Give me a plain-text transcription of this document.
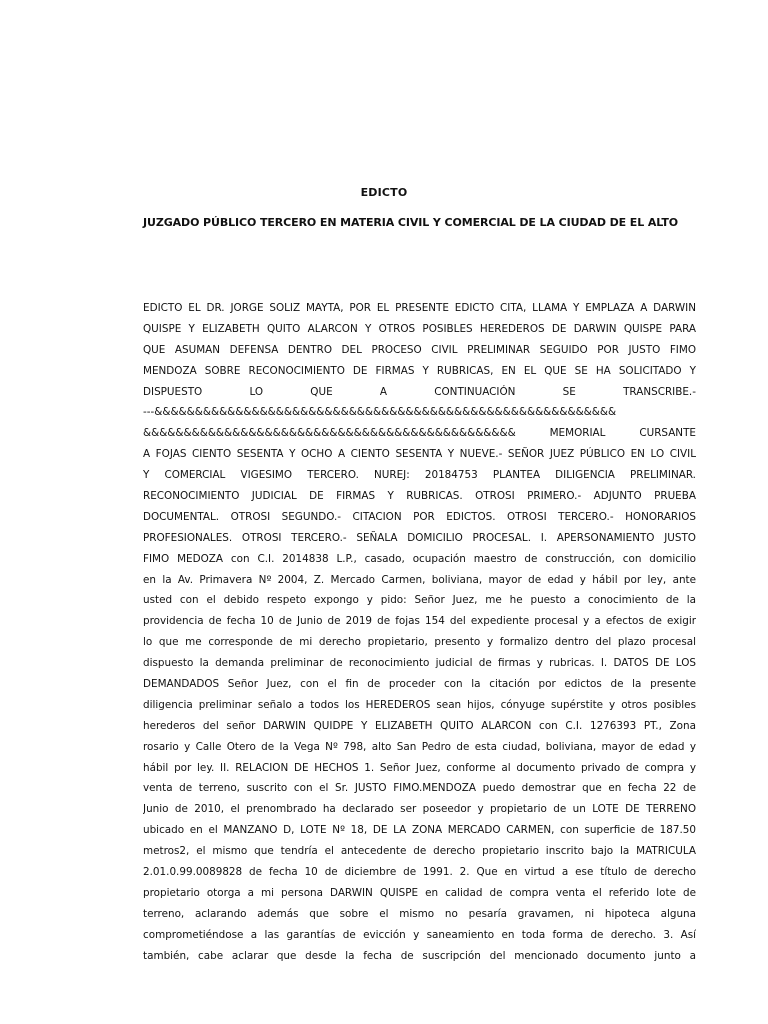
EDICTO
JUZGADO PÚBLICO TERCERO EN MATERIA CIVIL Y COMERCIAL DE LA CIUDAD DE EL ALTO
EDICTO EL DR. JORGE SOLIZ MAYTA, POR EL PRESENTE EDICTO CITA, LLAMA Y EMPLAZA A DARWIN
QUISPE Y ELIZABETH QUITO ALARCON Y OTROS POSIBLES HEREDEROS DE DARWIN QUISPE PARA
QUE ASUMAN DEFENSA DENTRO DEL PROCESO CIVIL PRELIMINAR SEGUIDO POR JUSTO FIMO
MENDOZA SOBRE RECONOCIMIENTO DE FIRMAS Y RUBRICAS, EN EL QUE SE HA SOLICITADO Y
DISPUESTO LO QUE A CONTINUACIÓN SE TRANSCRIBE.-
---&&&&&&&&&&&&&&&&&&&&&&&&&&&&&&&&&&&&&&&&&&&&&&&&&&&&&&&&&
&&&&&&&&&&&&&&&&&&&&&&&&&&&&&&&&&&&&&&&&&&&&&& MEMORIAL CURSANTE
A FOJAS CIENTO SESENTA Y OCHO A CIENTO SESENTA Y NUEVE.- SEÑOR JUEZ PÚBLICO EN LO CIVIL
Y COMERCIAL VIGESIMO TERCERO. NUREJ: 20184753 PLANTEA DILIGENCIA PRELIMINAR.
RECONOCIMIENTO JUDICIAL DE FIRMAS Y RUBRICAS. OTROSI PRIMERO.- ADJUNTO PRUEBA
DOCUMENTAL. OTROSI SEGUNDO.- CITACION POR EDICTOS. OTROSI TERCERO.- HONORARIOS
PROFESIONALES. OTROSI TERCERO.- SEÑALA DOMICILIO PROCESAL. I. APERSONAMIENTO JUSTO
FIMO MEDOZA con C.I. 2014838 L.P., casado, ocupación maestro de construcción, con domicilio
en la Av. Primavera Nº 2004, Z. Mercado Carmen, boliviana, mayor de edad y hábil por ley, ante
usted con el debido respeto expongo y pido: Señor Juez, me he puesto a conocimiento de la
providencia de fecha 10 de Junio de 2019 de fojas 154 del expediente procesal y a efectos de exigir
lo que me corresponde de mi derecho propietario, presento y formalizo dentro del plazo procesal
dispuesto la demanda preliminar de reconocimiento judicial de firmas y rubricas. I. DATOS DE LOS
DEMANDADOS Señor Juez, con el fin de proceder con la citación por edictos de la presente
diligencia preliminar señalo a todos los HEREDEROS sean hijos, cónyuge supérstite y otros posibles
herederos del señor DARWIN QUIDPE Y ELIZABETH QUITO ALARCON con C.I. 1276393 PT., Zona
rosario y Calle Otero de la Vega Nº 798, alto San Pedro de esta ciudad, boliviana, mayor de edad y
hábil por ley. II. RELACION DE HECHOS 1. Señor Juez, conforme al documento privado de compra y
venta de terreno, suscrito con el Sr. JUSTO FIMO.MENDOZA puedo demostrar que en fecha 22 de
Junio de 2010, el prenombrado ha declarado ser poseedor y propietario de un LOTE DE TERRENO
ubicado en el MANZANO D, LOTE Nº 18, DE LA ZONA MERCADO CARMEN, con superficie de 187.50
metros2, el mismo que tendría el antecedente de derecho propietario inscrito bajo la MATRICULA
2.01.0.99.0089828 de fecha 10 de diciembre de 1991. 2. Que en virtud a ese título de derecho
propietario otorga a mi persona DARWIN QUISPE en calidad de compra venta el referido lote de
terreno, aclarando además que sobre el mismo no pesaría gravamen, ni hipoteca alguna
comprometiéndose a las garantías de evicción y saneamiento en toda forma de derecho. 3. Así
también, cabe aclarar que desde la fecha de suscripción del mencionado documento junto a
